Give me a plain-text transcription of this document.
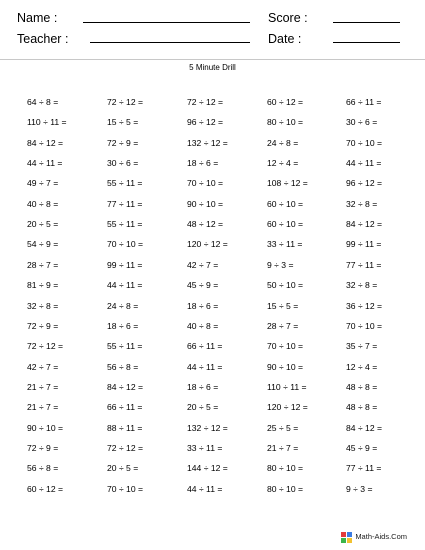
Name :
Teacher :
Score :
Date :
5 Minute Drill
64 ÷ 8 =	72 ÷ 12 =	72 ÷ 12 =	60 ÷ 12 =	66 ÷ 11 =
110 ÷ 11 =	15 ÷ 5 =	96 ÷ 12 =	80 ÷ 10 =	30 ÷ 6 =
84 ÷ 12 =	72 ÷ 9 =	132 ÷ 12 =	24 ÷ 8 =	70 ÷ 10 =
44 ÷ 11 =	30 ÷ 6 =	18 ÷ 6 =	12 ÷ 4 =	44 ÷ 11 =
49 ÷ 7 =	55 ÷ 11 =	70 ÷ 10 =	108 ÷ 12 =	96 ÷ 12 =
40 ÷ 8 =	77 ÷ 11 =	90 ÷ 10 =	60 ÷ 10 =	32 ÷ 8 =
20 ÷ 5 =	55 ÷ 11 =	48 ÷ 12 =	60 ÷ 10 =	84 ÷ 12 =
54 ÷ 9 =	70 ÷ 10 =	120 ÷ 12 =	33 ÷ 11 =	99 ÷ 11 =
28 ÷ 7 =	99 ÷ 11 =	42 ÷ 7 =	9 ÷ 3 =	77 ÷ 11 =
81 ÷ 9 =	44 ÷ 11 =	45 ÷ 9 =	50 ÷ 10 =	32 ÷ 8 =
32 ÷ 8 =	24 ÷ 8 =	18 ÷ 6 =	15 ÷ 5 =	36 ÷ 12 =
72 ÷ 9 =	18 ÷ 6 =	40 ÷ 8 =	28 ÷ 7 =	70 ÷ 10 =
72 ÷ 12 =	55 ÷ 11 =	66 ÷ 11 =	70 ÷ 10 =	35 ÷ 7 =
42 ÷ 7 =	56 ÷ 8 =	44 ÷ 11 =	90 ÷ 10 =	12 ÷ 4 =
21 ÷ 7 =	84 ÷ 12 =	18 ÷ 6 =	110 ÷ 11 =	48 ÷ 8 =
21 ÷ 7 =	66 ÷ 11 =	20 ÷ 5 =	120 ÷ 12 =	48 ÷ 8 =
90 ÷ 10 =	88 ÷ 11 =	132 ÷ 12 =	25 ÷ 5 =	84 ÷ 12 =
72 ÷ 9 =	72 ÷ 12 =	33 ÷ 11 =	21 ÷ 7 =	45 ÷ 9 =
56 ÷ 8 =	20 ÷ 5 =	144 ÷ 12 =	80 ÷ 10 =	77 ÷ 11 =
60 ÷ 12 =	70 ÷ 10 =	44 ÷ 11 =	80 ÷ 10 =	9 ÷ 3 =
Math-Aids.Com
